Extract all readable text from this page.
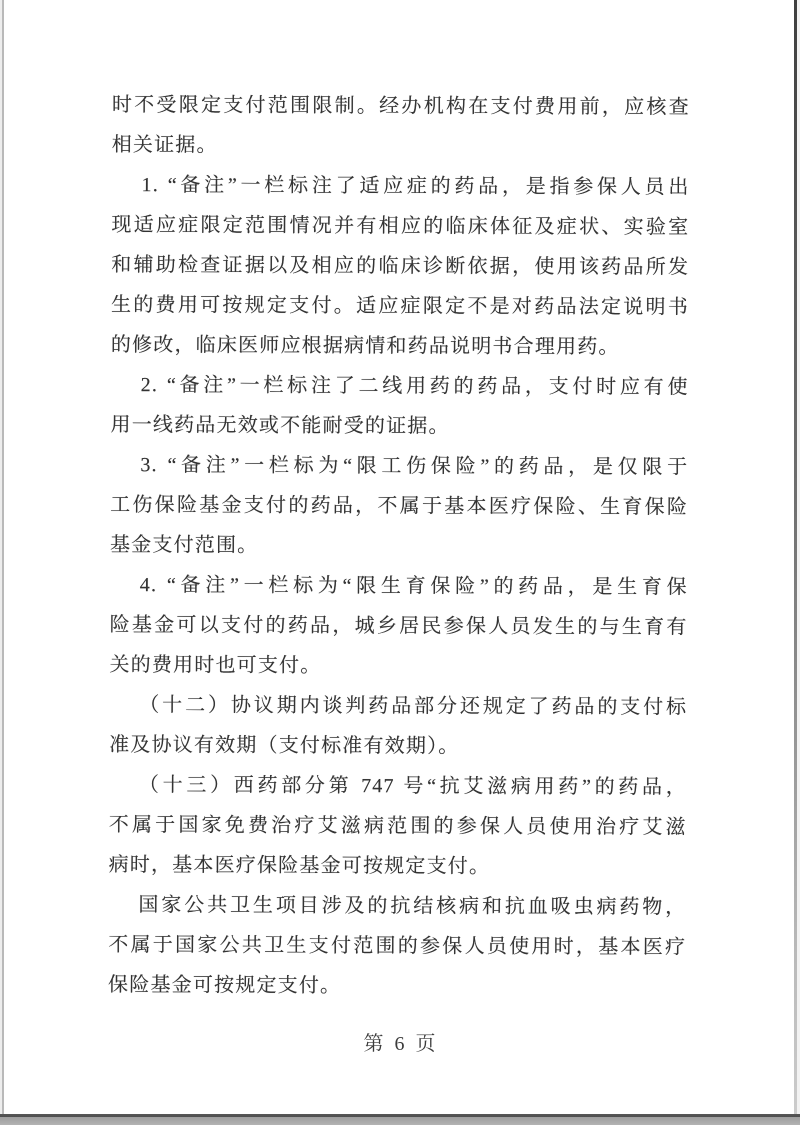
时不受限定支付范围限制。经办机构在支付费用前，应核查
相关证据。
1. “备注”一栏标注了适应症的药品，是指参保人员出
现适应症限定范围情况并有相应的临床体征及症状、实验室
和辅助检查证据以及相应的临床诊断依据，使用该药品所发
生的费用可按规定支付。适应症限定不是对药品法定说明书
的修改，临床医师应根据病情和药品说明书合理用药。
2. “备注”一栏标注了二线用药的药品，支付时应有使
用一线药品无效或不能耐受的证据。
3. “备注”一栏标为“限工伤保险”的药品，是仅限于
工伤保险基金支付的药品，不属于基本医疗保险、生育保险
基金支付范围。
4. “备注”一栏标为“限生育保险”的药品，是生育保
险基金可以支付的药品，城乡居民参保人员发生的与生育有
关的费用时也可支付。
（十二）协议期内谈判药品部分还规定了药品的支付标
准及协议有效期（支付标准有效期）。
（十三）西药部分第 747 号“抗艾滋病用药”的药品，
不属于国家免费治疗艾滋病范围的参保人员使用治疗艾滋
病时，基本医疗保险基金可按规定支付。
国家公共卫生项目涉及的抗结核病和抗血吸虫病药物，
不属于国家公共卫生支付范围的参保人员使用时，基本医疗
保险基金可按规定支付。
第 6 页
